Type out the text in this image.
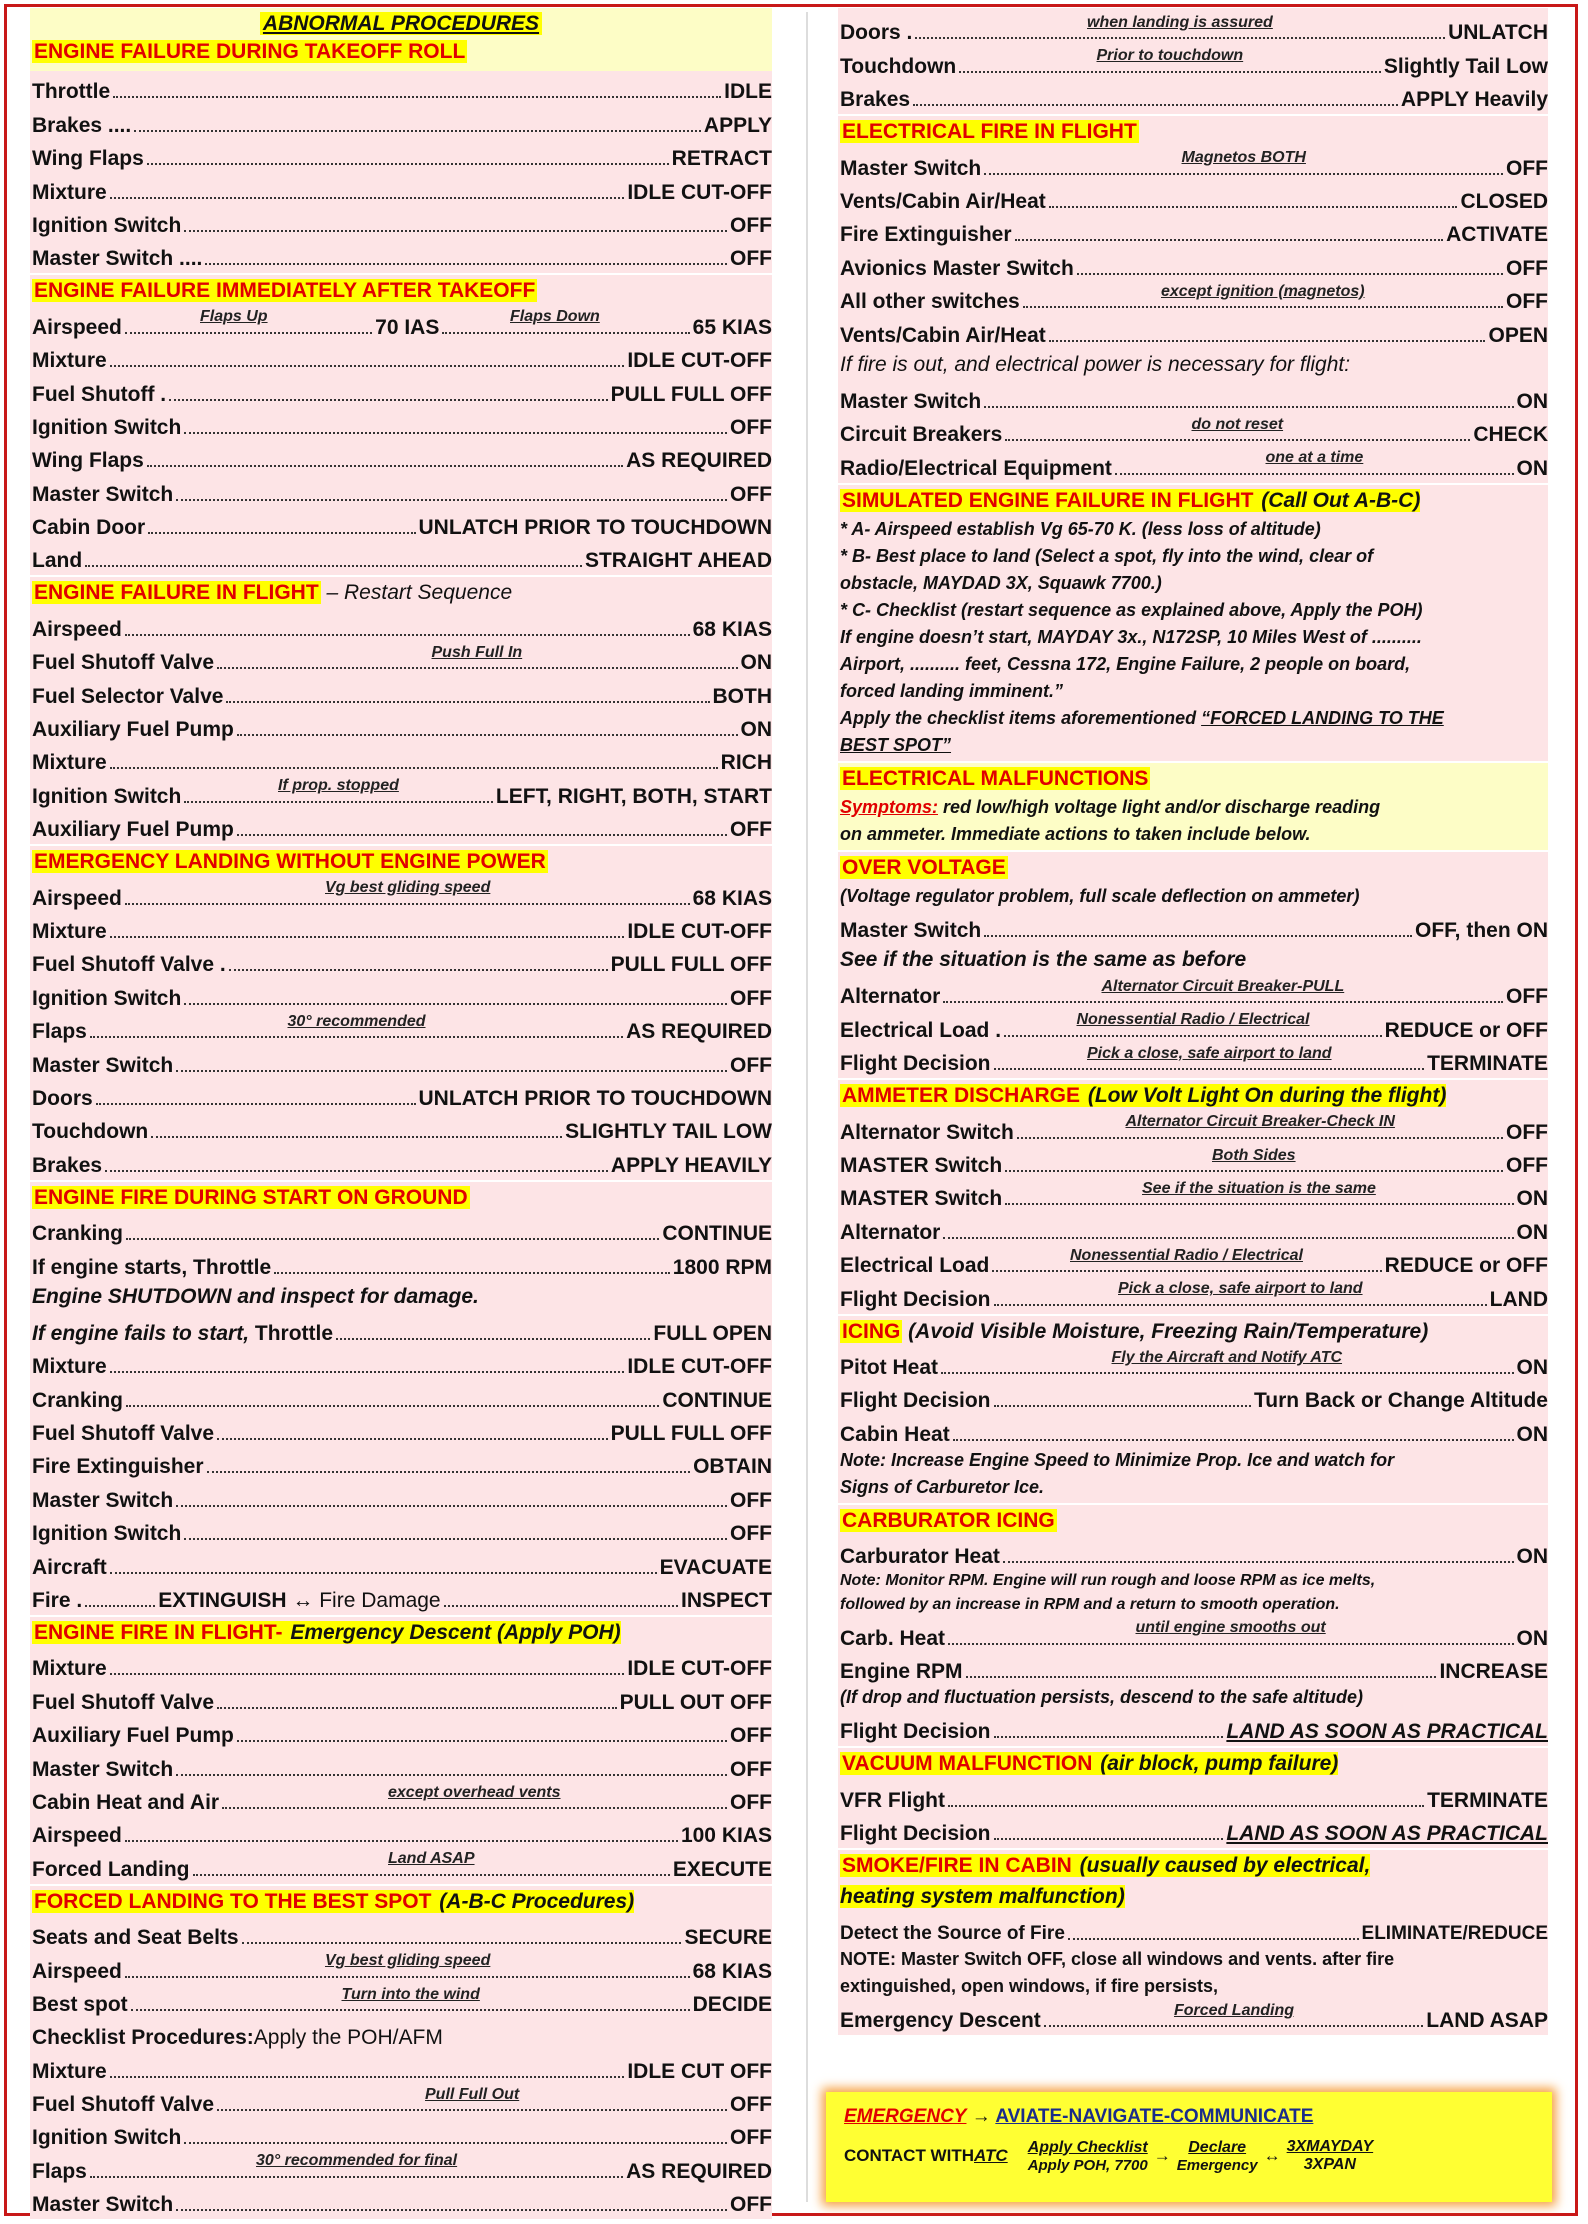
ABNORMAL PROCEDURES
ENGINE FAILURE DURING TAKEOFF ROLL
Throttle	IDLE
Brakes ....	APPLY
Wing Flaps	RETRACT
Mixture	IDLE CUT-OFF
Ignition Switch	OFF
Master Switch ....	OFF
ENGINE FAILURE IMMEDIATELY AFTER TAKEOFF
Airspeed	Flaps Up	70 IAS	Flaps Down	65 KIAS
Mixture	IDLE CUT-OFF
Fuel Shutoff .	PULL FULL OFF
Ignition Switch	OFF
Wing Flaps	AS REQUIRED
Master Switch	OFF
Cabin Door	UNLATCH PRIOR TO TOUCHDOWN
Land	STRAIGHT AHEAD
ENGINE FAILURE IN FLIGHT – Restart Sequence
Airspeed	68 KIAS
Fuel Shutoff Valve	Push Full In	ON
Fuel Selector Valve	BOTH
Auxiliary Fuel Pump	ON
Mixture	RICH
Ignition Switch	If prop. stopped	LEFT, RIGHT, BOTH, START
Auxiliary Fuel Pump	OFF
EMERGENCY LANDING WITHOUT ENGINE POWER
Airspeed	Vg best gliding speed	68 KIAS
Mixture	IDLE CUT-OFF
Fuel Shutoff Valve .	PULL FULL OFF
Ignition Switch	OFF
Flaps	30° recommended	AS REQUIRED
Master Switch	OFF
Doors	UNLATCH PRIOR TO TOUCHDOWN
Touchdown	SLIGHTLY TAIL LOW
Brakes	APPLY HEAVILY
ENGINE FIRE DURING START ON GROUND
Cranking	CONTINUE
If engine starts, Throttle	1800 RPM
Engine SHUTDOWN and inspect for damage.
If engine fails to start, Throttle	FULL OPEN
Mixture	IDLE CUT-OFF
Cranking	CONTINUE
Fuel Shutoff Valve	PULL FULL OFF
Fire Extinguisher	OBTAIN
Master Switch	OFF
Ignition Switch	OFF
Aircraft	EVACUATE
Fire .	EXTINGUISH
↔
Fire Damage	INSPECT
ENGINE FIRE IN FLIGHT- Emergency Descent (Apply POH)
Mixture	IDLE CUT-OFF
Fuel Shutoff Valve	PULL OUT OFF
Auxiliary Fuel Pump	OFF
Master Switch	OFF
Cabin Heat and Air	except overhead vents	OFF
Airspeed	100 KIAS
Forced Landing	Land ASAP	EXECUTE
FORCED LANDING TO THE BEST SPOT (A-B-C Procedures)
Seats and Seat Belts	SECURE
Airspeed	Vg best gliding speed	68 KIAS
Best spot	Turn into the wind	DECIDE
Checklist Procedures: Apply the POH/AFM
Mixture	IDLE CUT OFF
Fuel Shutoff Valve	Pull Full Out	OFF
Ignition Switch	OFF
Flaps	30° recommended for final	AS REQUIRED
Master Switch	OFF
Doors .	when landing is assured	UNLATCH
Touchdown	Prior to touchdown	Slightly Tail Low
Brakes	APPLY Heavily
ELECTRICAL FIRE IN FLIGHT
Master Switch	Magnetos BOTH	OFF
Vents/Cabin Air/Heat	CLOSED
Fire Extinguisher	ACTIVATE
Avionics Master Switch	OFF
All other switches	except ignition (magnetos)	OFF
Vents/Cabin Air/Heat	OPEN
If fire is out, and electrical power is necessary for flight:
Master Switch	ON
Circuit Breakers	do not reset	CHECK
Radio/Electrical Equipment	one at a time	ON
SIMULATED ENGINE FAILURE IN FLIGHT (Call Out A-B-C)
* A- Airspeed establish Vg 65-70 K. (less loss of altitude)
* B- Best place to land (Select a spot, fly into the wind, clear of
obstacle, MAYDAD 3X, Squawk 7700.)
* C- Checklist (restart sequence as explained above, Apply the POH)
If engine doesn’t start, MAYDAY 3x., N172SP, 10 Miles West of ..........
Airport, .......... feet, Cessna 172, Engine Failure, 2 people on board,
forced landing imminent.”
Apply the checklist items aforementioned “FORCED LANDING TO THE
BEST SPOT”
ELECTRICAL MALFUNCTIONS
Symptoms: red low/high voltage light and/or discharge reading
on ammeter. Immediate actions to taken include below.
OVER VOLTAGE
(Voltage regulator problem, full scale deflection on ammeter)
Master Switch	OFF, then ON
See if the situation is the same as before
Alternator	Alternator Circuit Breaker-PULL	OFF
Electrical Load .	Nonessential Radio / Electrical	REDUCE or OFF
Flight Decision	Pick a close, safe airport to land	TERMINATE
AMMETER DISCHARGE (Low Volt Light On during the flight)
Alternator Switch	Alternator Circuit Breaker-Check IN	OFF
MASTER Switch	Both Sides	OFF
MASTER Switch	See if the situation is the same	ON
Alternator	ON
Electrical Load	Nonessential Radio / Electrical	REDUCE or OFF
Flight Decision	Pick a close, safe airport to land	LAND
ICING (Avoid Visible Moisture, Freezing Rain/Temperature)
Pitot Heat	Fly the Aircraft and Notify ATC	ON
Flight Decision	Turn Back or Change Altitude
Cabin Heat	ON
Note: Increase Engine Speed to Minimize Prop. Ice and watch for
Signs of Carburetor Ice.
CARBURATOR ICING
Carburator Heat	ON
Note: Monitor RPM. Engine will run rough and loose RPM as ice melts,
followed by an increase in RPM and a return to smooth operation.
Carb. Heat	until engine smooths out	ON
Engine RPM	INCREASE
(If drop and fluctuation persists, descend to the safe altitude)
Flight Decision	LAND AS SOON AS PRACTICAL
VACUUM MALFUNCTION (air block, pump failure)
VFR Flight	TERMINATE
Flight Decision	LAND AS SOON AS PRACTICAL
SMOKE/FIRE IN CABIN (usually caused by electrical,
heating system malfunction)
Detect the Source of Fire	ELIMINATE/REDUCE
NOTE: Master Switch OFF, close all windows and vents. after fire
extinguished, open windows, if fire persists,
Emergency Descent	Forced Landing	LAND ASAP
EMERGENCY → AVIATE-NAVIGATE-COMMUNICATE
CONTACT WITH ATC Apply Checklist
Apply POH, 7700 → Declare
Emergency ↔ 3XMAYDAY
3XPAN
